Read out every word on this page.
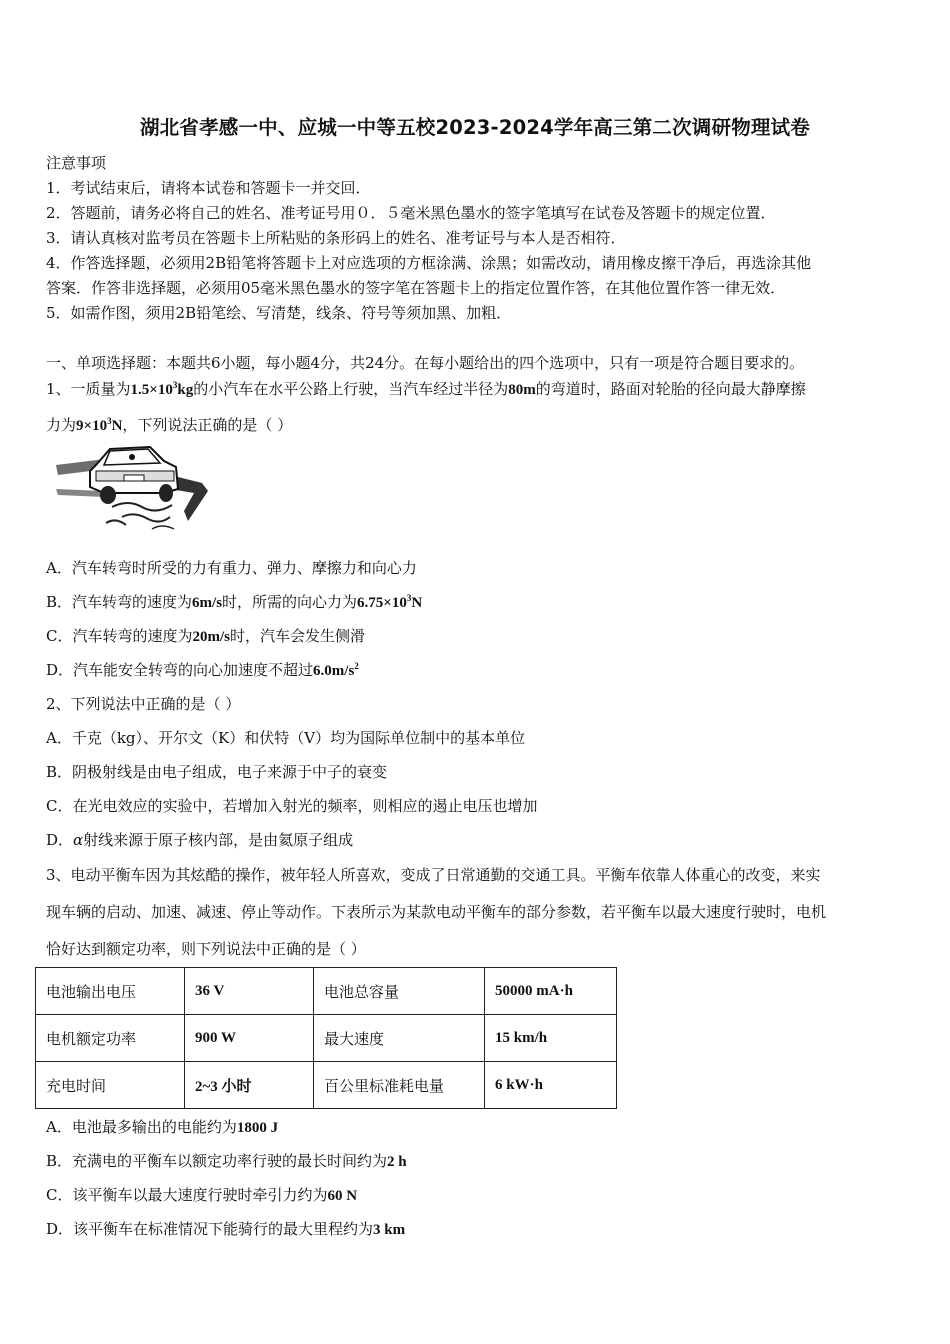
湖北省孝感一中、应城一中等五校2023-2024学年高三第二次调研物理试卷
注意事项
1．考试结束后，请将本试卷和答题卡一并交回．
2．答题前，请务必将自己的姓名、准考证号用０．５毫米黑色墨水的签字笔填写在试卷及答题卡的规定位置．
3．请认真核对监考员在答题卡上所粘贴的条形码上的姓名、准考证号与本人是否相符．
4．作答选择题，必须用2B铅笔将答题卡上对应选项的方框涂满、涂黑；如需改动，请用橡皮擦干净后，再选涂其他
答案．作答非选择题，必须用05毫米黑色墨水的签字笔在答题卡上的指定位置作答，在其他位置作答一律无效．
5．如需作图，须用2B铅笔绘、写清楚，线条、符号等须加黑、加粗．
一、单项选择题：本题共6小题，每小题4分，共24分。在每小题给出的四个选项中，只有一项是符合题目要求的。
1、一质量为$1.5\times 10^3kg$的小汽车在水平公路上行驶，当汽车经过半径为80m的弯道时，路面对轮胎的径向最大静摩擦
力为$9\times 10^3N$，下列说法正确的是（ ）
A．汽车转弯时所受的力有重力、弹力、摩擦力和向心力
B．汽车转弯的速度为6m/s时，所需的向心力为$6.75\times 10^3N$
C．汽车转弯的速度为20m/s时，汽车会发生侧滑
D．汽车能安全转弯的向心加速度不超过$6.0m/s^2$
2、下列说法中正确的是（ ）
A．千克（kg）、开尔文（K）和伏特（V）均为国际单位制中的基本单位
B．阴极射线是由电子组成，电子来源于中子的衰变
C．在光电效应的实验中，若增加入射光的频率，则相应的遏止电压也增加
D．α射线来源于原子核内部，是由氦原子组成
3、电动平衡车因为其炫酷的操作，被年轻人所喜欢，变成了日常通勤的交通工具。平衡车依靠人体重心的改变，来实
现车辆的启动、加速、减速、停止等动作。下表所示为某款电动平衡车的部分参数，若平衡车以最大速度行驶时，电机
恰好达到额定功率，则下列说法中正确的是（ ）
电池输出电压	36 V	电池总容量	50000 mA·h
电机额定功率	900 W	最大速度	15 km/h
充电时间	2~3 小时	百公里标准耗电量	6 kW·h
A．电池最多输出的电能约为1800 J
B．充满电的平衡车以额定功率行驶的最长时间约为2 h
C．该平衡车以最大速度行驶时牵引力约为60 N
D．该平衡车在标准情况下能骑行的最大里程约为3 km
